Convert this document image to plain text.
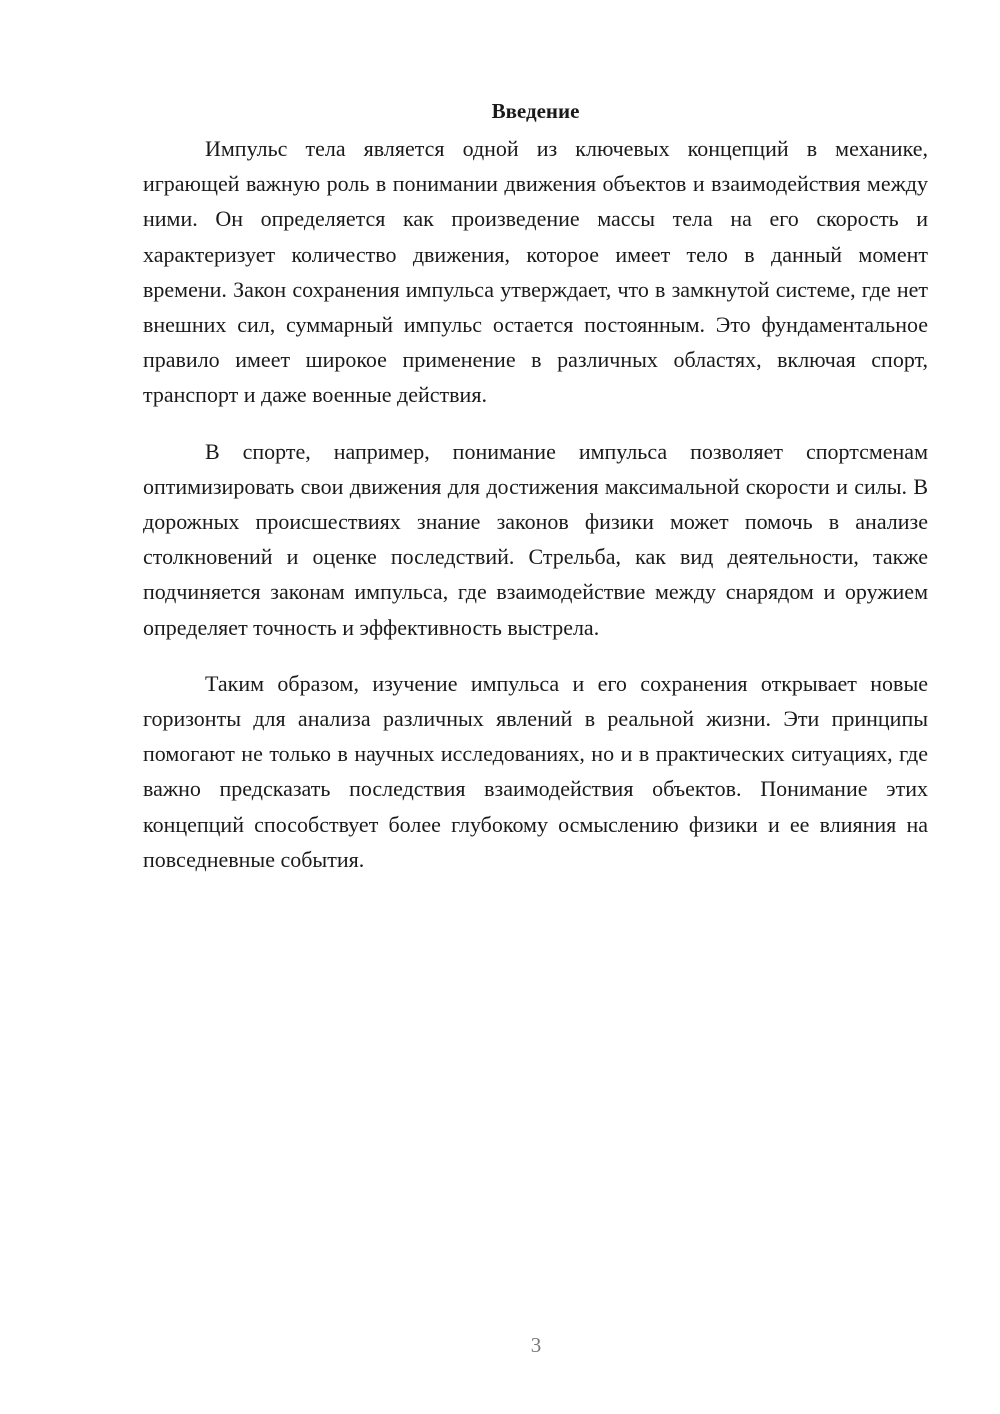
Введение

Импульс тела является одной из ключевых концепций в механике, играющей важную роль в понимании движения объектов и взаимодействия между ними. Он определяется как произведение массы тела на его скорость и характеризует количество движения, которое имеет тело в данный момент времени. Закон сохранения импульса утверждает, что в замкнутой системе, где нет внешних сил, суммарный импульс остается постоянным. Это фундаментальное правило имеет широкое применение в различных областях, включая спорт, транспорт и даже военные действия.

В спорте, например, понимание импульса позволяет спортсменам оптимизировать свои движения для достижения максимальной скорости и силы. В дорожных происшествиях знание законов физики может помочь в анализе столкновений и оценке последствий. Стрельба, как вид деятельности, также подчиняется законам импульса, где взаимодействие между снарядом и оружием определяет точность и эффективность выстрела.

Таким образом, изучение импульса и его сохранения открывает новые горизонты для анализа различных явлений в реальной жизни. Эти принципы помогают не только в научных исследованиях, но и в практических ситуациях, где важно предсказать последствия взаимодействия объектов. Понимание этих концепций способствует более глубокому осмыслению физики и ее влияния на повседневные события.

3
